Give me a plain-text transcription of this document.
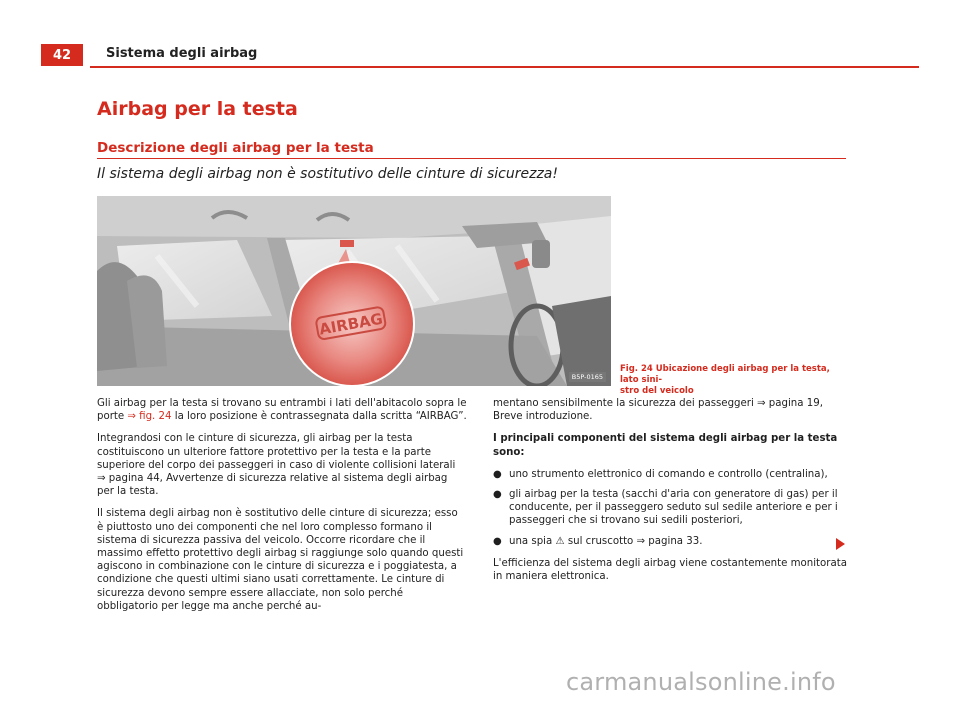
42	Sistema degli airbag
Airbag per la testa
Descrizione degli airbag per la testa
Il sistema degli airbag non è sostitutivo delle cinture di sicurezza!
AIRBAG
B5P-0165
Fig. 24 Ubicazione degli airbag per la testa, lato sini-
stro del veicolo

Gli airbag per la testa si trovano su entrambi i lati dell'abitacolo sopra le porte ⇒ fig. 24 la loro posizione è contrassegnata dalla scritta “AIRBAG”.

Integrandosi con le cinture di sicurezza, gli airbag per la testa costituiscono un ulteriore fattore protettivo per la testa e la parte superiore del corpo dei passeggeri in caso di violente collisioni laterali ⇒ pagina 44, Avvertenze di sicurezza relative al sistema degli airbag per la testa.

Il sistema degli airbag non è sostitutivo delle cinture di sicurezza; esso è piuttosto uno dei componenti che nel loro complesso formano il sistema di sicurezza passiva del veicolo. Occorre ricordare che il massimo effetto protettivo degli airbag si raggiunge solo quando questi agiscono in combinazione con le cinture di sicurezza e i poggiatesta, a condizione che questi ultimi siano usati correttamente. Le cinture di sicurezza devono sempre essere allacciate, non solo perché obbligatorio per legge ma anche perché au-

mentano sensibilmente la sicurezza dei passeggeri ⇒ pagina 19, Breve introduzione.

I principali componenti del sistema degli airbag per la testa sono:

● uno strumento elettronico di comando e controllo (centralina),
● gli airbag per la testa (sacchi d'aria con generatore di gas) per il conducente, per il passeggero seduto sul sedile anteriore e per i passeggeri che si trovano sui sedili posteriori,
● una spia ⚠ sul cruscotto ⇒ pagina 33.

L'efficienza del sistema degli airbag viene costantemente monitorata in maniera elettronica.

carmanualsonline.info
